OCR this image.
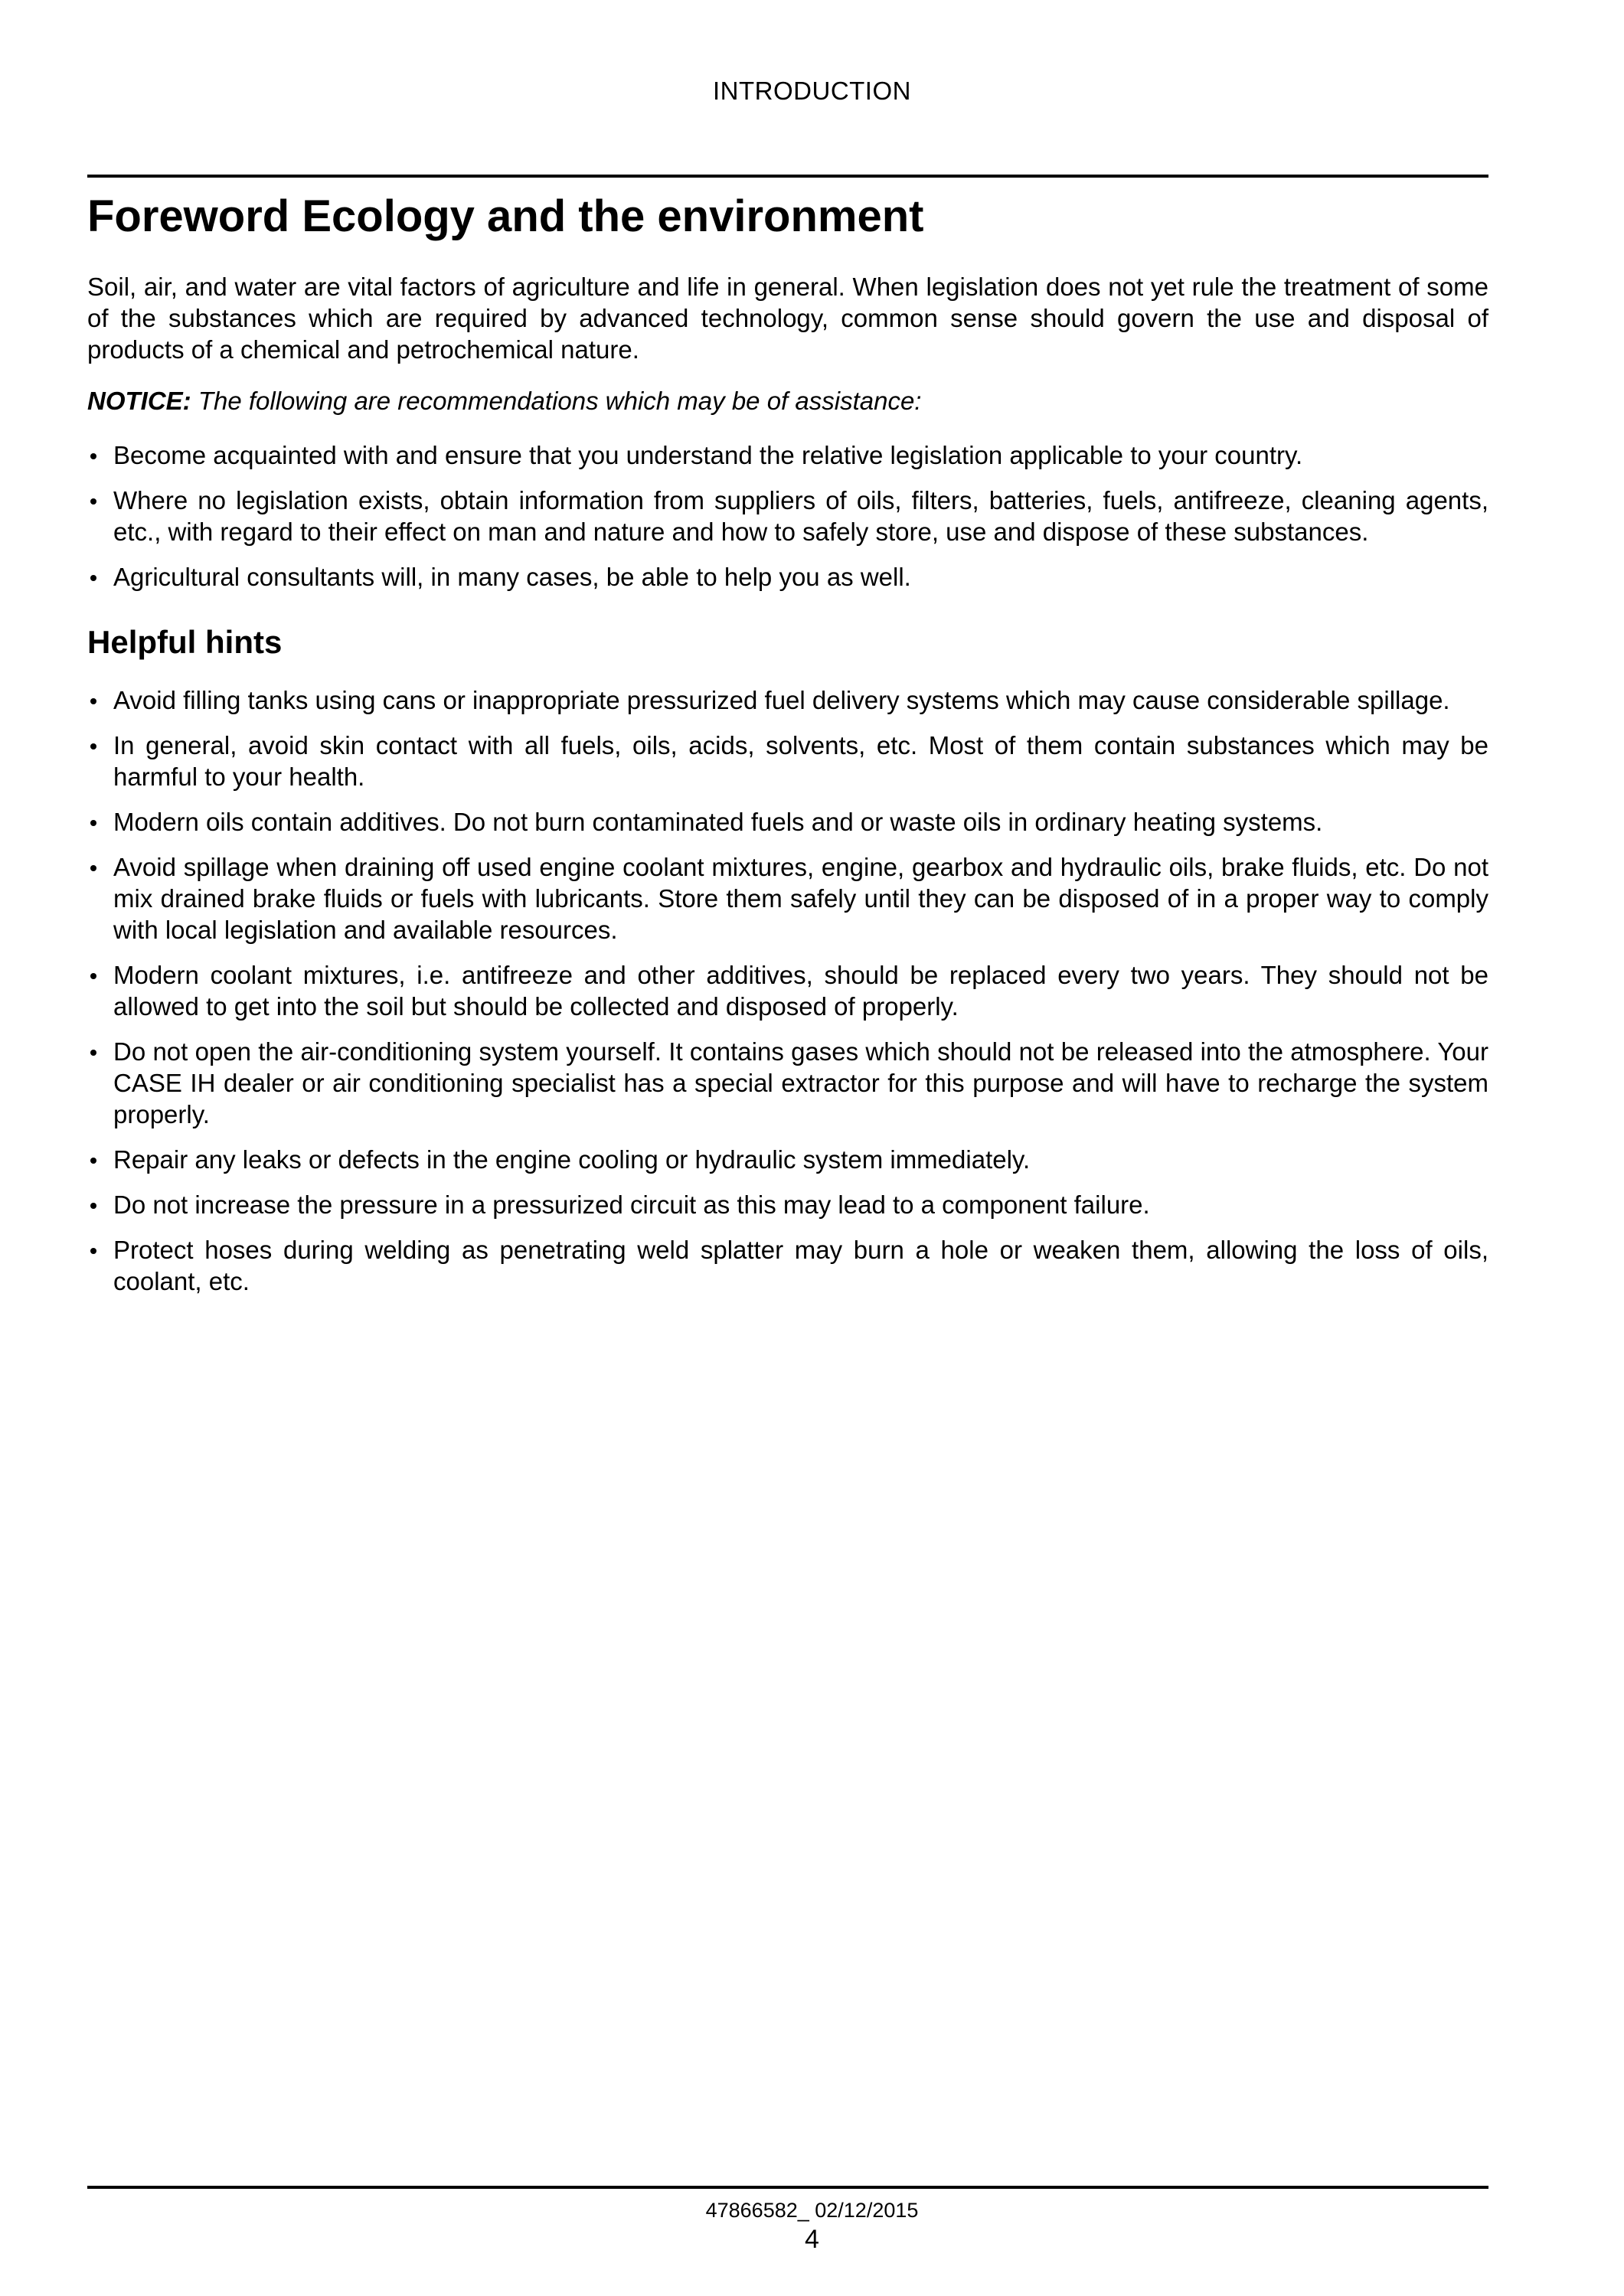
INTRODUCTION
Foreword Ecology and the environment

Soil, air, and water are vital factors of agriculture and life in general. When legislation does not yet rule the treatment of some of the substances which are required by advanced technology, common sense should govern the use and disposal of products of a chemical and petrochemical nature.

NOTICE: The following are recommendations which may be of assistance:

Become acquainted with and ensure that you understand the relative legislation applicable to your country.
Where no legislation exists, obtain information from suppliers of oils, filters, batteries, fuels, antifreeze, cleaning agents, etc., with regard to their effect on man and nature and how to safely store, use and dispose of these substances.
Agricultural consultants will, in many cases, be able to help you as well.
Helpful hints
Avoid filling tanks using cans or inappropriate pressurized fuel delivery systems which may cause considerable spillage.
In general, avoid skin contact with all fuels, oils, acids, solvents, etc. Most of them contain substances which may be harmful to your health.
Modern oils contain additives. Do not burn contaminated fuels and or waste oils in ordinary heating systems.
Avoid spillage when draining off used engine coolant mixtures, engine, gearbox and hydraulic oils, brake fluids, etc. Do not mix drained brake fluids or fuels with lubricants. Store them safely until they can be disposed of in a proper way to comply with local legislation and available resources.
Modern coolant mixtures, i.e. antifreeze and other additives, should be replaced every two years. They should not be allowed to get into the soil but should be collected and disposed of properly.
Do not open the air-conditioning system yourself. It contains gases which should not be released into the atmosphere. Your CASE IH dealer or air conditioning specialist has a special extractor for this purpose and will have to recharge the system properly.
Repair any leaks or defects in the engine cooling or hydraulic system immediately.
Do not increase the pressure in a pressurized circuit as this may lead to a component failure.
Protect hoses during welding as penetrating weld splatter may burn a hole or weaken them, allowing the loss of oils, coolant, etc.
47866582_ 02/12/2015
4
